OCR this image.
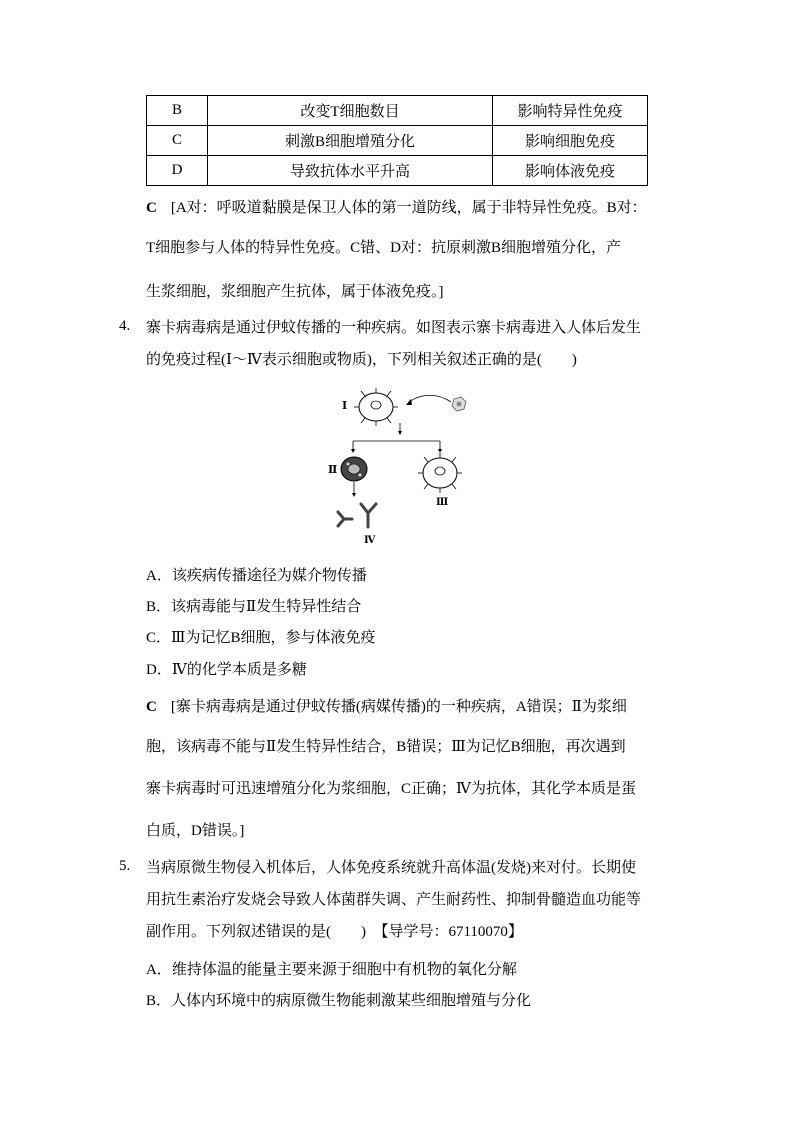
B	改变T细胞数目	影响特异性免疫
C	刺激B细胞增殖分化	影响细胞免疫
D	导致抗体水平升高	影响体液免疫
C [A对：呼吸道黏膜是保卫人体的第一道防线，属于非特异性免疫。B对：
T细胞参与人体的特异性免疫。C错、D对：抗原刺激B细胞增殖分化，产
生浆细胞，浆细胞产生抗体，属于体液免疫。]
4. 寨卡病毒病是通过伊蚊传播的一种疾病。如图表示寨卡病毒进入人体后发生
的免疫过程(Ⅰ～Ⅳ表示细胞或物质)，下列相关叙述正确的是(　　)
Ⅰ
Ⅱ
Ⅲ
Ⅳ
A．该疾病传播途径为媒介物传播
B．该病毒能与Ⅱ发生特异性结合
C．Ⅲ为记忆B细胞，参与体液免疫
D．Ⅳ的化学本质是多糖
C [寨卡病毒病是通过伊蚊传播(病媒传播)的一种疾病，A错误；Ⅱ为浆细
胞，该病毒不能与Ⅱ发生特异性结合，B错误；Ⅲ为记忆B细胞，再次遇到
寨卡病毒时可迅速增殖分化为浆细胞，C正确；Ⅳ为抗体，其化学本质是蛋
白质，D错误。]
5. 当病原微生物侵入机体后，人体免疫系统就升高体温(发烧)来对付。长期使
用抗生素治疗发烧会导致人体菌群失调、产生耐药性、抑制骨髓造血功能等
副作用。下列叙述错误的是(　　)　【导学号：67110070】
A．维持体温的能量主要来源于细胞中有机物的氧化分解
B．人体内环境中的病原微生物能刺激某些细胞增殖与分化
